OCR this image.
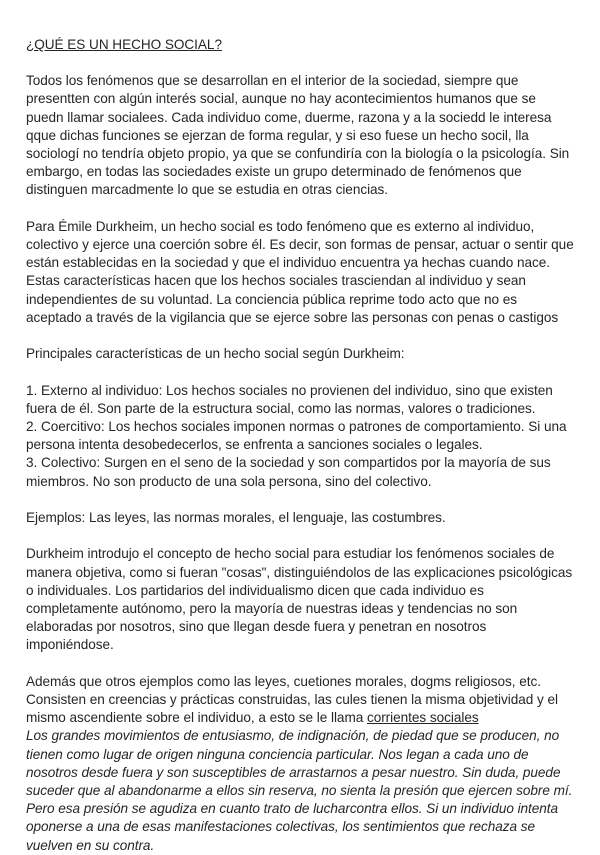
¿QUÉ ES UN HECHO SOCIAL?

Todos los fenómenos que se desarrollan en el interior de la sociedad, siempre que presentten con algún interés social, aunque no hay acontecimientos humanos que se puedn llamar socialees. Cada individuo come, duerme, razona y a la sociedd le interesa qque dichas funciones se ejerzan de forma regular, y si eso fuese un hecho socil, lla sociologí no tendría objeto propio, ya que se confundiría con la biología o la psicología. Sin embargo, en todas las sociedades existe un grupo determinado de fenómenos que distinguen marcadmente lo que se estudia en otras ciencias.

Para Émile Durkheim, un hecho social es todo fenómeno que es externo al individuo, colectivo y ejerce una coerción sobre él. Es decir, son formas de pensar, actuar o sentir que están establecidas en la sociedad y que el individuo encuentra ya hechas cuando nace. Estas características hacen que los hechos sociales trasciendan al individuo y sean independientes de su voluntad. La conciencia pública reprime todo acto que no es aceptado a través de la vigilancia que se ejerce sobre las personas con penas o castigos

Principales características de un hecho social según Durkheim:

1. Externo al individuo: Los hechos sociales no provienen del individuo, sino que existen fuera de él. Son parte de la estructura social, como las normas, valores o tradiciones.
2. Coercitivo: Los hechos sociales imponen normas o patrones de comportamiento. Si una persona intenta desobedecerlos, se enfrenta a sanciones sociales o legales.
3. Colectivo: Surgen en el seno de la sociedad y son compartidos por la mayoría de sus miembros. No son producto de una sola persona, sino del colectivo.

Ejemplos: Las leyes, las normas morales, el lenguaje, las costumbres.

Durkheim introdujo el concepto de hecho social para estudiar los fenómenos sociales de manera objetiva, como si fueran "cosas", distinguiéndolos de las explicaciones psicológicas o individuales. Los partidarios del individualismo dicen que cada individuo es completamente autónomo, pero la mayoría de nuestras ideas y tendencias no son elaboradas por nosotros, sino que llegan desde fuera y penetran en nosotros imponiéndose.

Además que otros ejemplos como las leyes, cuetiones morales, dogms religiosos, etc. Consisten en creencias y prácticas construidas, las cules tienen la misma objetividad y el mismo ascendiente sobre el individuo, a esto se le llama corrientes sociales

Los grandes movimientos de entusiasmo, de indignación, de piedad que se producen, no tienen como lugar de origen ninguna conciencia particular. Nos legan a cada uno de nosotros desde fuera y son susceptibles de arrastarnos a pesar nuestro. Sin duda, puede suceder que al abandonarme a ellos sin reserva, no sienta la presión que ejercen sobre mí. Pero esa presión se agudiza en cuanto trato de lucharcontra ellos. Si un individuo intenta oponerse a una de esas manifestaciones colectivas, los sentimientos que rechaza se vuelven en su contra.
